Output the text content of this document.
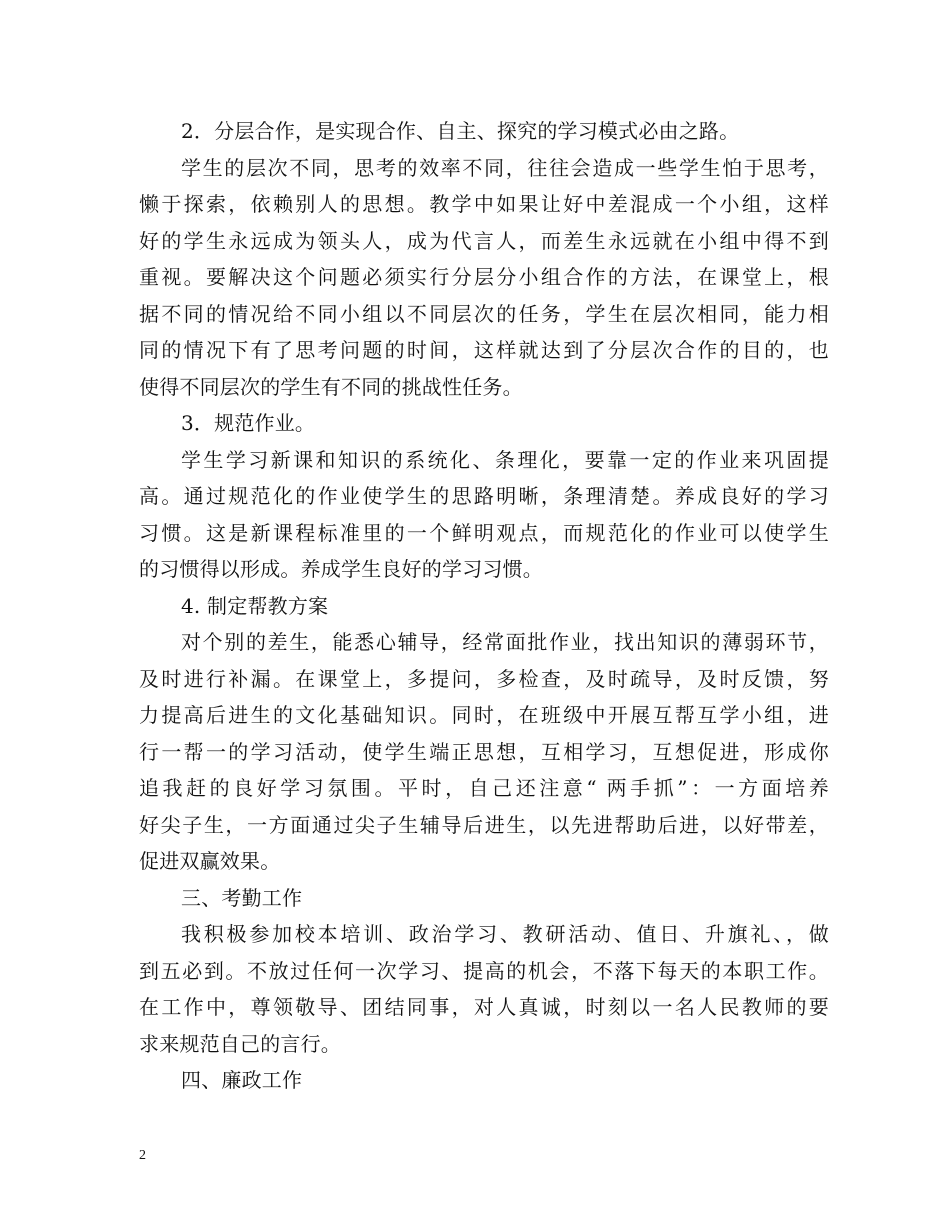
2．分层合作，是实现合作、自主、探究的学习模式必由之路。
学生的层次不同，思考的效率不同，往往会造成一些学生怕于思考，
懒于探索，依赖别人的思想。教学中如果让好中差混成一个小组，这样
好的学生永远成为领头人，成为代言人，而差生永远就在小组中得不到
重视。要解决这个问题必须实行分层分小组合作的方法，在课堂上，根
据不同的情况给不同小组以不同层次的任务，学生在层次相同，能力相
同的情况下有了思考问题的时间，这样就达到了分层次合作的目的，也
使得不同层次的学生有不同的挑战性任务。
3．规范作业。
学生学习新课和知识的系统化、条理化，要靠一定的作业来巩固提
高。通过规范化的作业使学生的思路明晰，条理清楚。养成良好的学习
习惯。这是新课程标准里的一个鲜明观点，而规范化的作业可以使学生
的习惯得以形成。养成学生良好的学习习惯。
4. 制定帮教方案
对个别的差生，能悉心辅导，经常面批作业，找出知识的薄弱环节，
及时进行补漏。在课堂上，多提问，多检查，及时疏导，及时反馈，努
力提高后进生的文化基础知识。同时，在班级中开展互帮互学小组，进
行一帮一的学习活动，使学生端正思想，互相学习，互想促进，形成你
追我赶的良好学习氛围。平时，自己还注意“ 两手抓”：一方面培养
好尖子生，一方面通过尖子生辅导后进生，以先进帮助后进，以好带差，
促进双赢效果。
三、考勤工作
我积极参加校本培训、政治学习、教研活动、值日、升旗礼、，做
到五必到。不放过任何一次学习、提高的机会，不落下每天的本职工作。
在工作中，尊领敬导、团结同事，对人真诚，时刻以一名人民教师的要
求来规范自己的言行。
四、廉政工作
2
